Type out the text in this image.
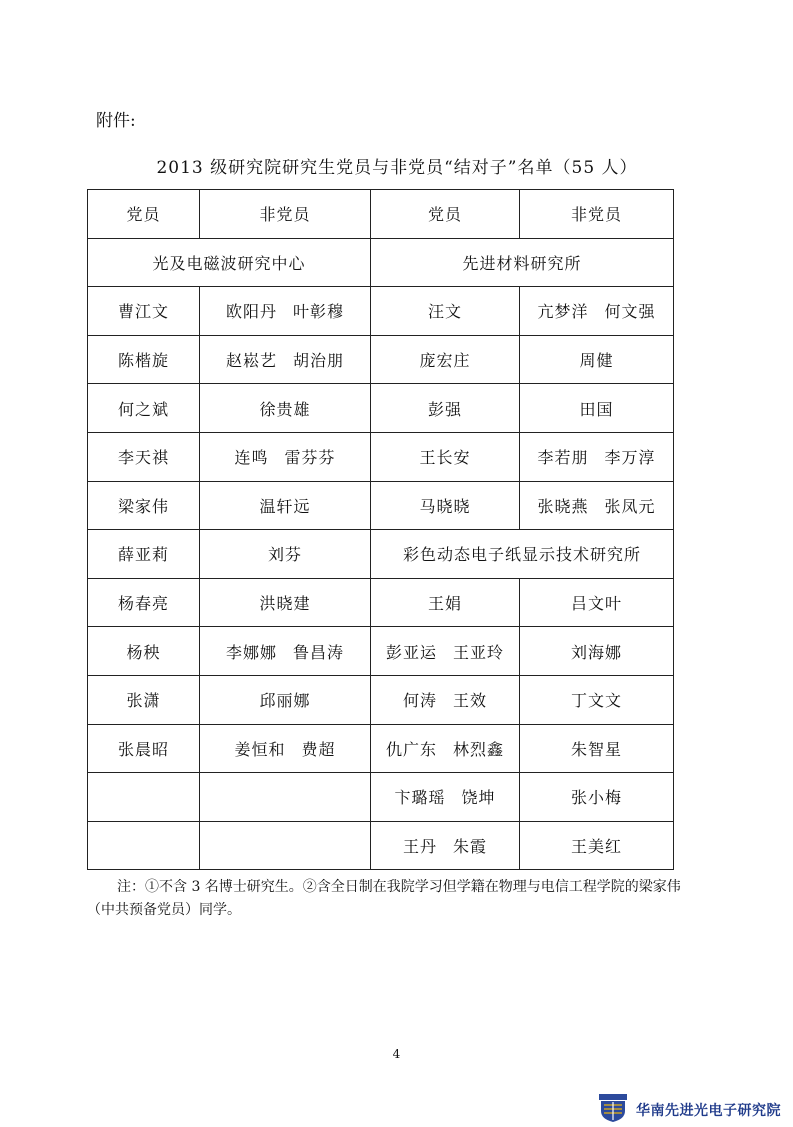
附件:
2013 级研究院研究生党员与非党员“结对子”名单（55 人）
党员	非党员	党员	非党员
光及电磁波研究中心		先进材料研究所	
曹江文	欧阳丹 叶彰穆	汪文	亢梦洋 何文强
陈楷旋	赵崧艺 胡治朋	庞宏庄	周健
何之斌	徐贵雄	彭强	田国
李天祺	连鸣 雷芬芬	王长安	李若朋 李万淳
梁家伟	温轩远	马晓晓	张晓燕 张凤元
薛亚莉	刘芬	彩色动态电子纸显示技术研究所	
杨春亮	洪晓建	王娟	吕文叶
杨秧	李娜娜 鲁昌涛	彭亚运 王亚玲	刘海娜
张潇	邱丽娜	何涛 王效	丁文文
张晨昭	姜恒和 费超	仇广东 林烈鑫	朱智星
		卞璐瑶 饶坤	张小梅
		王丹 朱霞	王美红
注：①不含 3 名博士研究生。②含全日制在我院学习但学籍在物理与电信工程学院的梁家伟（中共预备党员）同学。
4
华南先进光电子研究院
